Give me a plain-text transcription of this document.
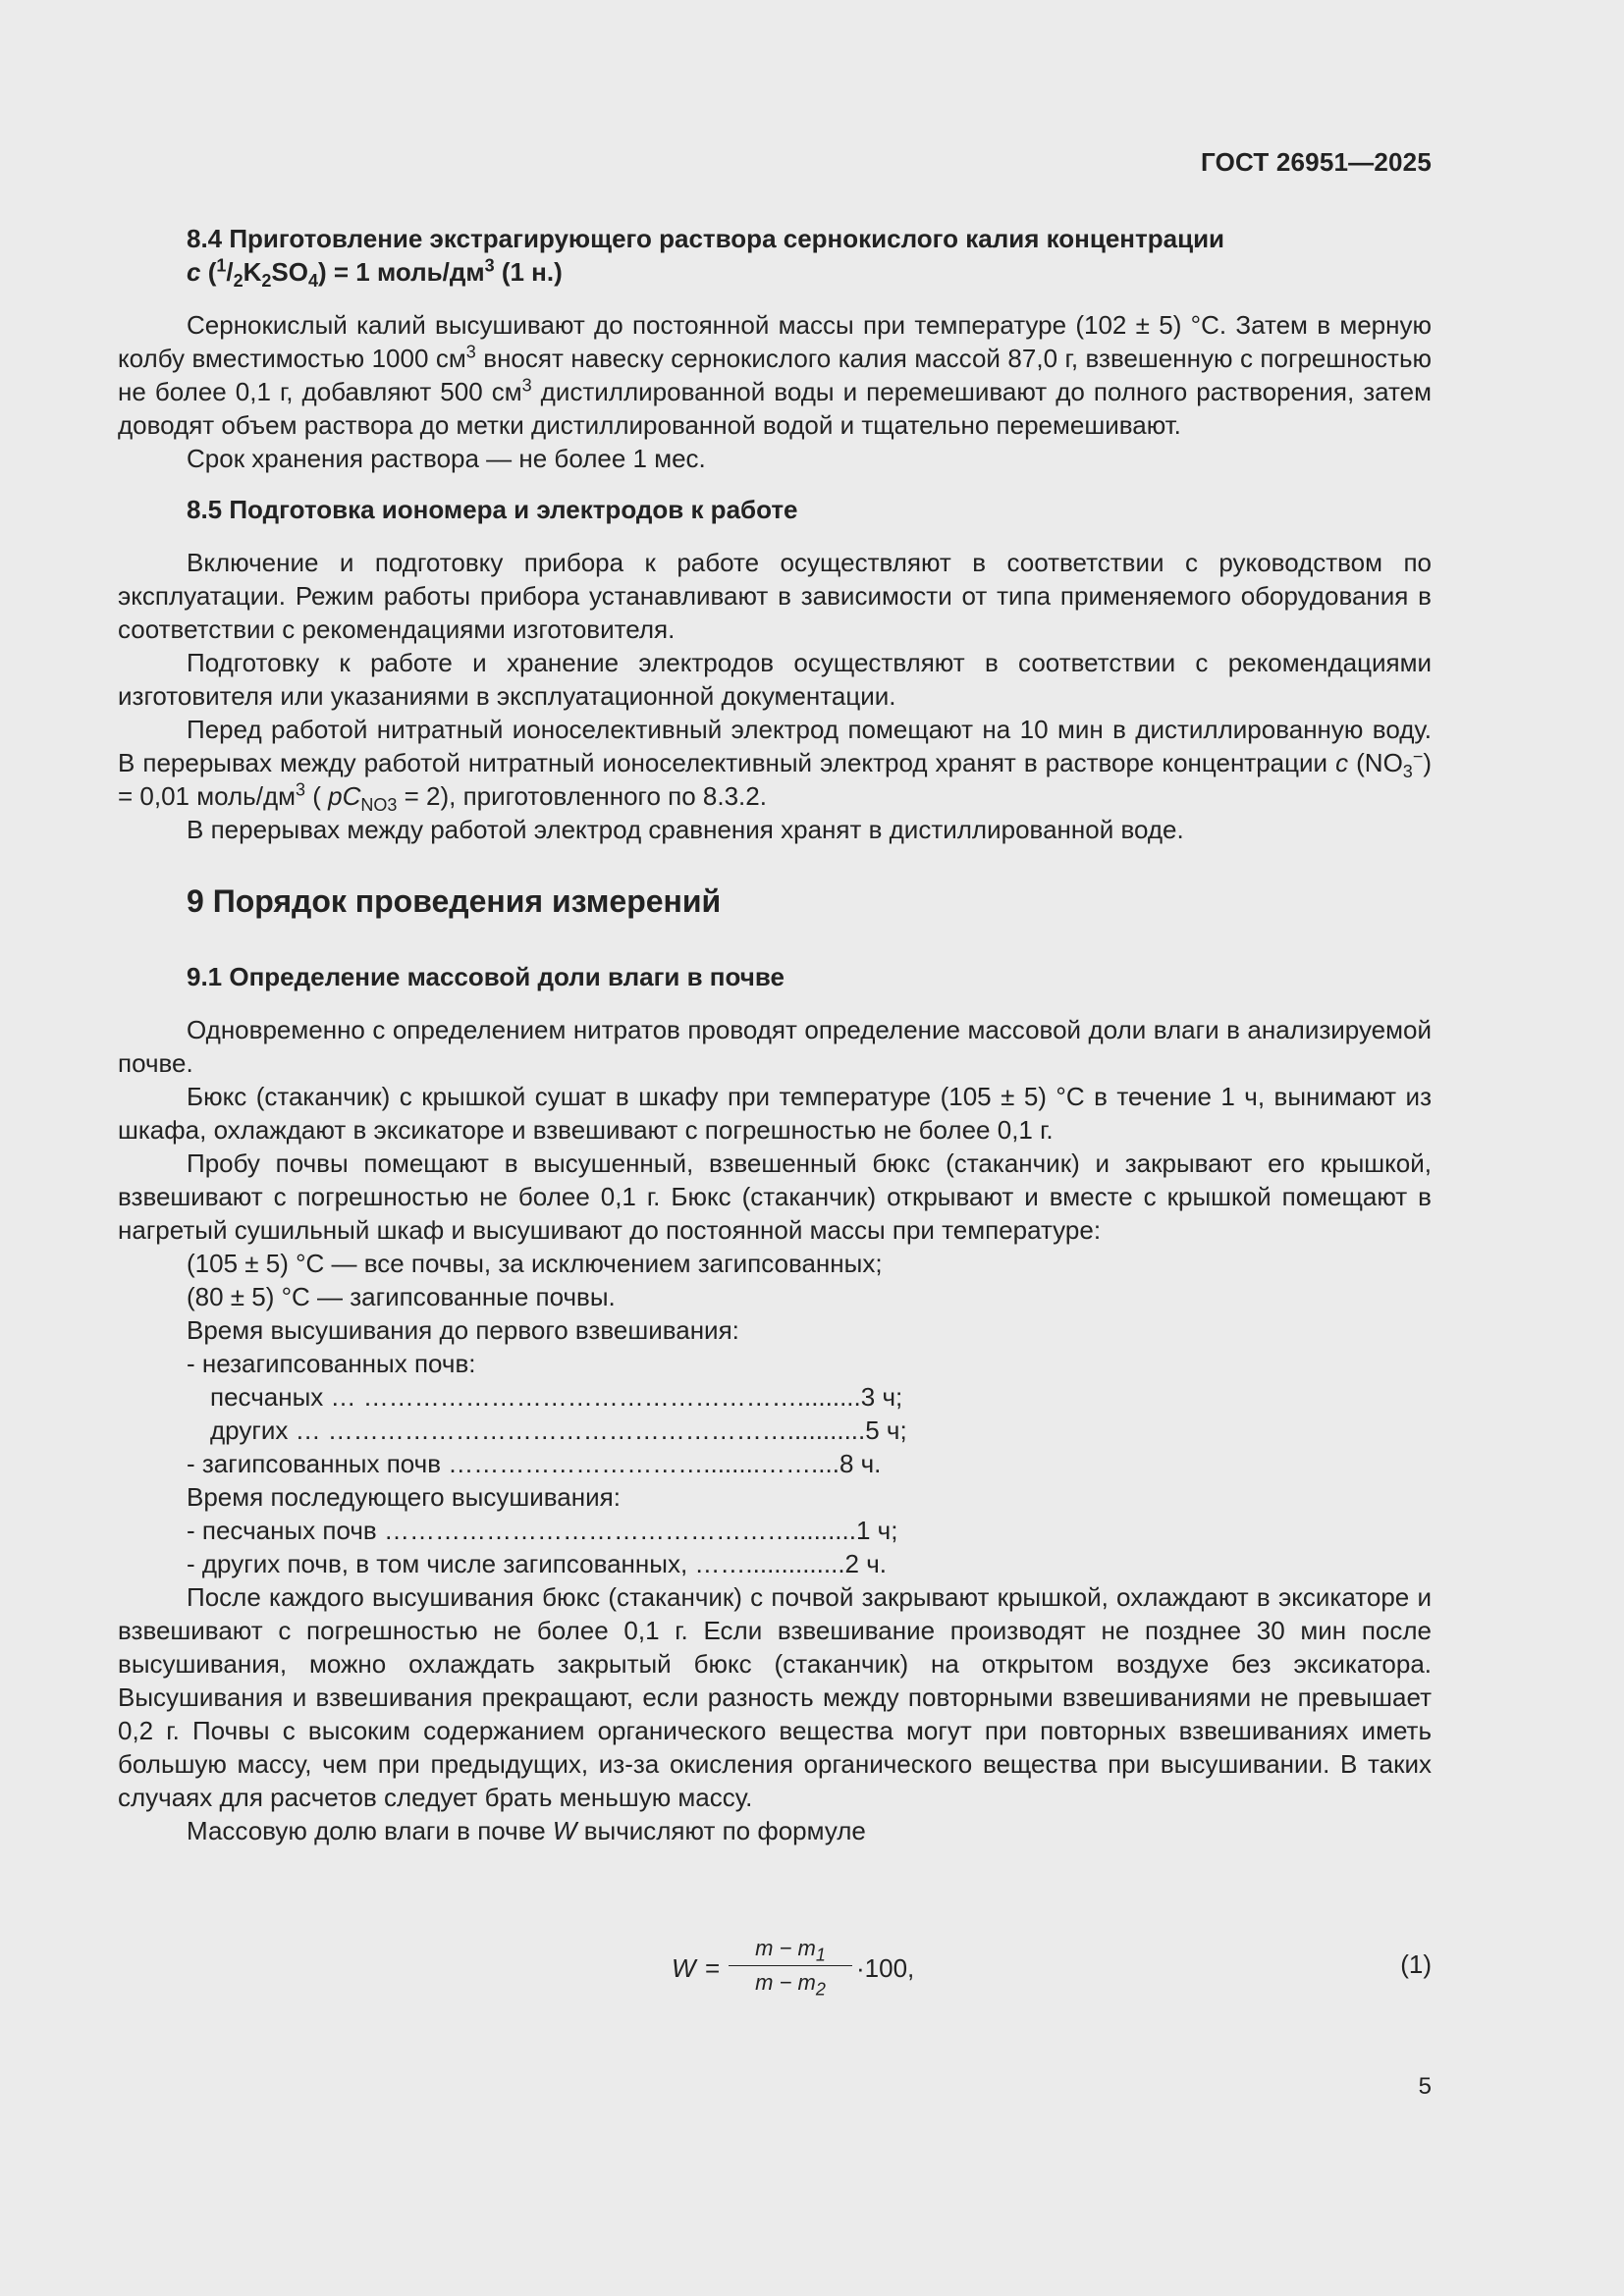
ГОСТ 26951—2025
8.4 Приготовление экстрагирующего раствора сернокислого калия концентрации
c $(^1/_2K_2SO_4) = 1$ моль/$дм^3$ (1 н.)

Сернокислый калий высушивают до постоянной массы при температуре (102 ± 5) °С. Затем в мерную колбу вместимостью 1000 $см^3$ вносят навеску сернокислого калия массой 87,0 г, взвешенную с погрешностью не более 0,1 г, добавляют 500 $см^3$ дистиллированной воды и перемешивают до полного растворения, затем доводят объем раствора до метки дистиллированной водой и тщательно перемешивают.

Срок хранения раствора — не более 1 мес.

8.5 Подготовка иономера и электродов к работе

Включение и подготовку прибора к работе осуществляют в соответствии с руководством по эксплуатации. Режим работы прибора устанавливают в зависимости от типа применяемого оборудования в соответствии с рекомендациями изготовителя.

Подготовку к работе и хранение электродов осуществляют в соответствии с рекомендациями изготовителя или указаниями в эксплуатационной документации.

Перед работой нитратный ионоселективный электрод помещают на 10 мин в дистиллированную воду. В перерывах между работой нитратный ионоселективный электрод хранят в растворе концентрации c $(NO_3^-) = 0,01$ моль/$дм^3$ ( $pC_{NO3} = 2$), приготовленного по 8.3.2.

В перерывах между работой электрод сравнения хранят в дистиллированной воде.

9 Порядок проведения измерений
9.1 Определение массовой доли влаги в почве

Одновременно с определением нитратов проводят определение массовой доли влаги в анализируемой почве.

Бюкс (стаканчик) с крышкой сушат в шкафу при температуре (105 ± 5) °С в течение 1 ч, вынимают из шкафа, охлаждают в эксикаторе и взвешивают с погрешностью не более 0,1 г.

Пробу почвы помещают в высушенный, взвешенный бюкс (стаканчик) и закрывают его крышкой, взвешивают с погрешностью не более 0,1 г. Бюкс (стаканчик) открывают и вместе с крышкой помещают в нагретый сушильный шкаф и высушивают до постоянной массы при температуре:

(105 ± 5) °С — все почвы, за исключением загипсованных;

(80 ± 5) °С — загипсованные почвы.

Время высушивания до первого взвешивания:

- незагипсованных почв:

песчаных … …………………………………………….........3 ч;

других … ………………………………………………...........5 ч;

- загипсованных почв …………………………........……....8 ч.

Время последующего высушивания:

- песчаных почв ………………………………………….........1 ч;

- других почв, в том числе загипсованных, ……..............2 ч.

После каждого высушивания бюкс (стаканчик) с почвой закрывают крышкой, охлаждают в эксикаторе и взвешивают с погрешностью не более 0,1 г. Если взвешивание производят не позднее 30 мин после высушивания, можно охлаждать закрытый бюкс (стаканчик) на открытом воздухе без эксикатора. Высушивания и взвешивания прекращают, если разность между повторными взвешиваниями не превышает 0,2 г. Почвы с высоким содержанием органического вещества могут при повторных взвешиваниях иметь большую массу, чем при предыдущих, из-за окисления органического вещества при высушивании. В таких случаях для расчетов следует брать меньшую массу.

Массовую долю влаги в почве W вычисляют по формуле

W =
$m - m_1$
$m - m_2$
·100,	(1)
5
